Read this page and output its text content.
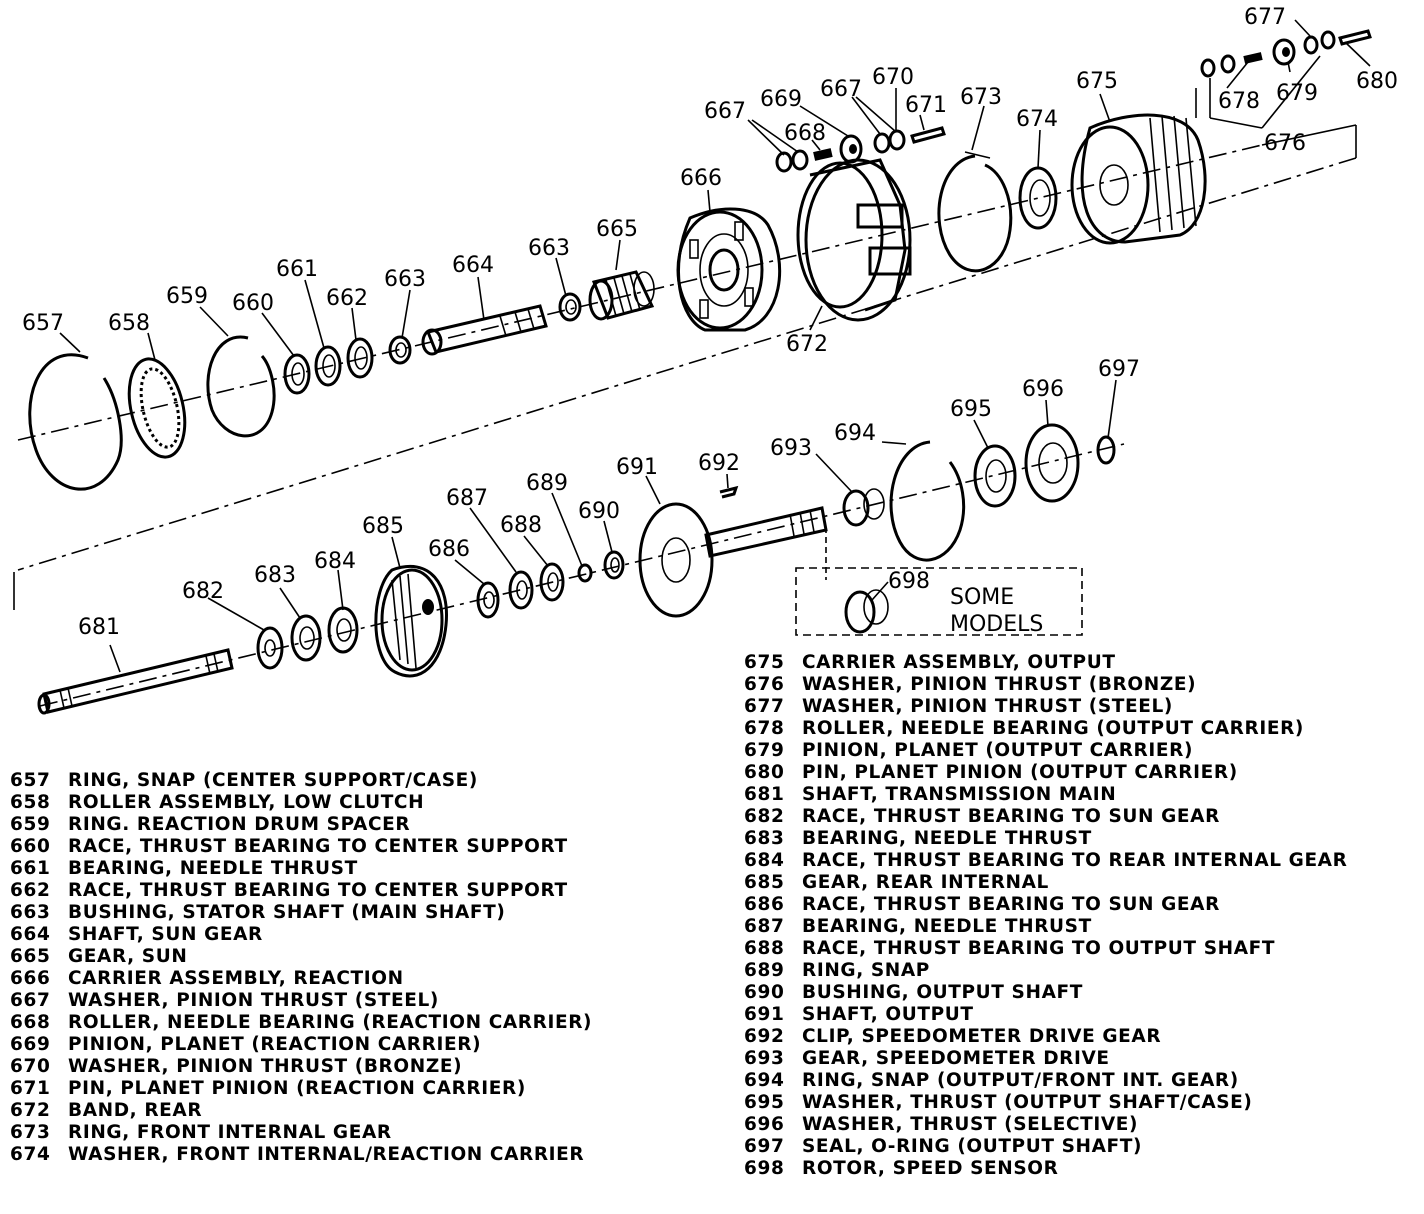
SOME
MODELS
657 658
659 660
661
662
663
664
663
665
666
667
668
669 667 670
671
672
673
674
675
676
677
678 679 680
681
682
683
684
685
686
687
688
689
690
691 692
693
694
695
696
697
698
657 RING, SNAP (CENTER SUPPORT/CASE)
658 ROLLER ASSEMBLY, LOW CLUTCH
659 RING. REACTION DRUM SPACER
660 RACE, THRUST BEARING TO CENTER SUPPORT
661 BEARING, NEEDLE THRUST
662 RACE, THRUST BEARING TO CENTER SUPPORT
663 BUSHING, STATOR SHAFT (MAIN SHAFT)
664 SHAFT, SUN GEAR
665 GEAR, SUN
666 CARRIER ASSEMBLY, REACTION
667 WASHER, PINION THRUST (STEEL)
668 ROLLER, NEEDLE BEARING (REACTION CARRIER)
669 PINION, PLANET (REACTION CARRIER)
670 WASHER, PINION THRUST (BRONZE)
671 PIN, PLANET PINION (REACTION CARRIER)
672 BAND, REAR
673 RING, FRONT INTERNAL GEAR
674 WASHER, FRONT INTERNAL/REACTION CARRIER
675 CARRIER ASSEMBLY, OUTPUT
676 WASHER, PINION THRUST (BRONZE)
677 WASHER, PINION THRUST (STEEL)
678 ROLLER, NEEDLE BEARING (OUTPUT CARRIER)
679 PINION, PLANET (OUTPUT CARRIER)
680 PIN, PLANET PINION (OUTPUT CARRIER)
681 SHAFT, TRANSMISSION MAIN
682 RACE, THRUST BEARING TO SUN GEAR
683 BEARING, NEEDLE THRUST
684 RACE, THRUST BEARING TO REAR INTERNAL GEAR
685 GEAR, REAR INTERNAL
686 RACE, THRUST BEARING TO SUN GEAR
687 BEARING, NEEDLE THRUST
688 RACE, THRUST BEARING TO OUTPUT SHAFT
689 RING, SNAP
690 BUSHING, OUTPUT SHAFT
691 SHAFT, OUTPUT
692 CLIP, SPEEDOMETER DRIVE GEAR
693 GEAR, SPEEDOMETER DRIVE
694 RING, SNAP (OUTPUT/FRONT INT. GEAR)
695 WASHER, THRUST (OUTPUT SHAFT/CASE)
696 WASHER, THRUST (SELECTIVE)
697 SEAL, O-RING (OUTPUT SHAFT)
698 ROTOR, SPEED SENSOR
